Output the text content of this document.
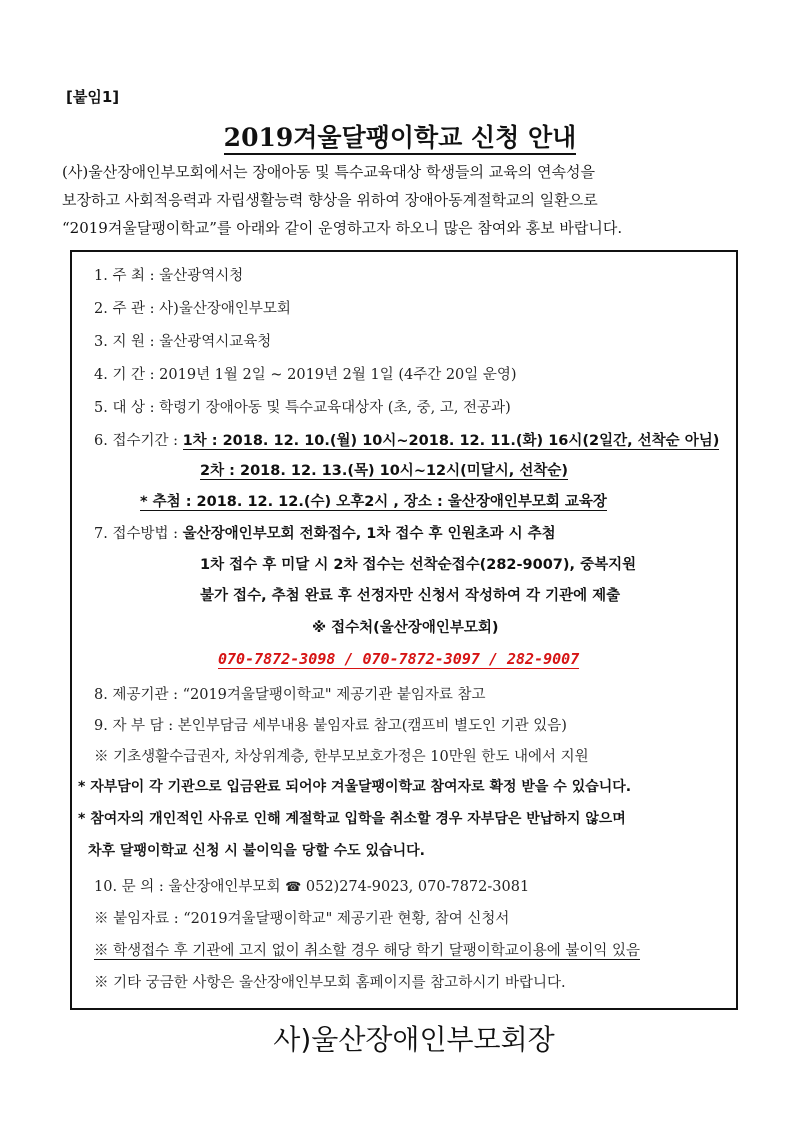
[붙임1]
2019겨울달팽이학교 신청 안내
(사)울산장애인부모회에서는 장애아동 및 특수교육대상 학생들의 교육의 연속성을
보장하고 사회적응력과 자립생활능력 향상을 위하여 장애아동계절학교의 일환으로
“2019겨울달팽이학교”를 아래와 같이 운영하고자 하오니 많은 참여와 홍보 바랍니다.
1. 주 최 : 울산광역시청
2. 주 관 : 사)울산장애인부모회
3. 지 원 : 울산광역시교육청
4. 기 간 : 2019년 1월 2일 ~ 2019년 2월 1일 (4주간 20일 운영)
5. 대 상 : 학령기 장애아동 및 특수교육대상자 (초, 중, 고, 전공과)
6. 접수기간 : 1차 : 2018. 12. 10.(월) 10시~2018. 12. 11.(화) 16시(2일간, 선착순 아님)
2차 : 2018. 12. 13.(목) 10시~12시(미달시, 선착순)
* 추첨 : 2018. 12. 12.(수) 오후2시 , 장소 : 울산장애인부모회 교육장
7. 접수방법 : 울산장애인부모회 전화접수, 1차 접수 후 인원초과 시 추첨
1차 접수 후 미달 시 2차 접수는 선착순접수(282-9007), 중복지원
불가 접수, 추첨 완료 후 선정자만 신청서 작성하여 각 기관에 제출
※ 접수처(울산장애인부모회)
070-7872-3098 / 070-7872-3097 / 282-9007
8. 제공기관 : “2019겨울달팽이학교" 제공기관 붙임자료 참고
9. 자 부 담 : 본인부담금 세부내용 붙임자료 참고(캠프비 별도인 기관 있음)
※ 기초생활수급권자, 차상위계층, 한부모보호가정은 10만원 한도 내에서 지원
* 자부담이 각 기관으로 입금완료 되어야 겨울달팽이학교 참여자로 확정 받을 수 있습니다.
* 참여자의 개인적인 사유로 인해 계절학교 입학을 취소할 경우 자부담은 반납하지 않으며
차후 달팽이학교 신청 시 불이익을 당할 수도 있습니다.
10. 문 의 : 울산장애인부모회 ☎ 052)274-9023, 070-7872-3081
※ 붙임자료 : “2019겨울달팽이학교" 제공기관 현황, 참여 신청서
※ 학생접수 후 기관에 고지 없이 취소할 경우 해당 학기 달팽이학교이용에 불이익 있음
※ 기타 궁금한 사항은 울산장애인부모회 홈페이지를 참고하시기 바랍니다.
사)울산장애인부모회장
